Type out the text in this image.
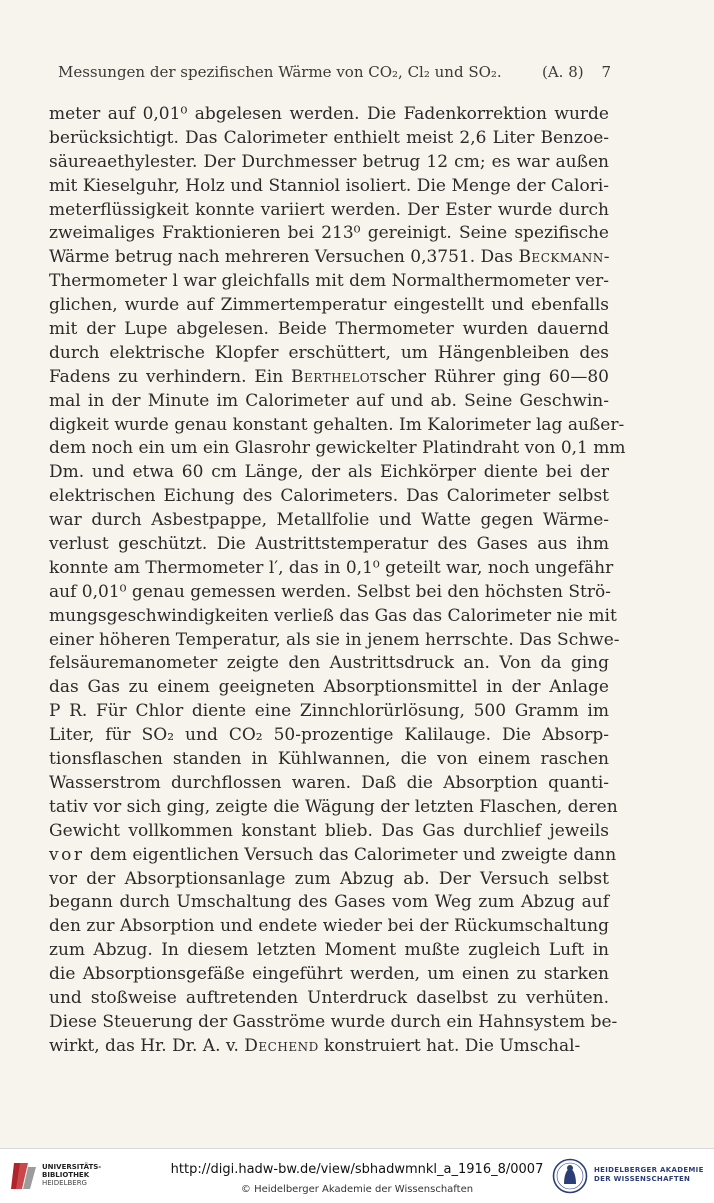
Messungen der spezifischen Wärme von CO₂, Cl₂ und SO₂.	(A. 8) 7
meter auf 0,01⁰ abgelesen werden. Die Fadenkorrektion wurde
berücksichtigt. Das Calorimeter enthielt meist 2,6 Liter Benzoe-
säureaethylester. Der Durchmesser betrug 12 cm; es war außen
mit Kieselguhr, Holz und Stanniol isoliert. Die Menge der Calori-
meterflüssigkeit konnte variiert werden. Der Ester wurde durch
zweimaliges Fraktionieren bei 213⁰ gereinigt. Seine spezifische
Wärme betrug nach mehreren Versuchen 0,3751. Das Beckmann-
Thermometer l war gleichfalls mit dem Normalthermometer ver-
glichen, wurde auf Zimmertemperatur eingestellt und ebenfalls
mit der Lupe abgelesen. Beide Thermometer wurden dauernd
durch elektrische Klopfer erschüttert, um Hängenbleiben des
Fadens zu verhindern. Ein Berthelotscher Rührer ging 60—80
mal in der Minute im Calorimeter auf und ab. Seine Geschwin-
digkeit wurde genau konstant gehalten. Im Kalorimeter lag außer-
dem noch ein um ein Glasrohr gewickelter Platindraht von 0,1 mm
Dm. und etwa 60 cm Länge, der als Eichkörper diente bei der
elektrischen Eichung des Calorimeters. Das Calorimeter selbst
war durch Asbestpappe, Metallfolie und Watte gegen Wärme-
verlust geschützt. Die Austrittstemperatur des Gases aus ihm
konnte am Thermometer l′, das in 0,1⁰ geteilt war, noch ungefähr
auf 0,01⁰ genau gemessen werden. Selbst bei den höchsten Strö-
mungsgeschwindigkeiten verließ das Gas das Calorimeter nie mit
einer höheren Temperatur, als sie in jenem herrschte. Das Schwe-
felsäuremanometer zeigte den Austrittsdruck an. Von da ging
das Gas zu einem geeigneten Absorptionsmittel in der Anlage
P R. Für Chlor diente eine Zinnchlorürlösung, 500 Gramm im
Liter, für SO₂ und CO₂ 50-prozentige Kalilauge. Die Absorp-
tionsflaschen standen in Kühlwannen, die von einem raschen
Wasserstrom durchflossen waren. Daß die Absorption quanti-
tativ vor sich ging, zeigte die Wägung der letzten Flaschen, deren
Gewicht vollkommen konstant blieb. Das Gas durchlief jeweils
vor dem eigentlichen Versuch das Calorimeter und zweigte dann
vor der Absorptionsanlage zum Abzug ab. Der Versuch selbst
begann durch Umschaltung des Gases vom Weg zum Abzug auf
den zur Absorption und endete wieder bei der Rückumschaltung
zum Abzug. In diesem letzten Moment mußte zugleich Luft in
die Absorptionsgefäße eingeführt werden, um einen zu starken
und stoßweise auftretenden Unterdruck daselbst zu verhüten.
Diese Steuerung der Gasströme wurde durch ein Hahnsystem be-
wirkt, das Hr. Dr. A. v. Dechend konstruiert hat. Die Umschal-
UNIVERSITÄTS-
BIBLIOTHEK
HEIDELBERG
http://digi.hadw-bw.de/view/sbhadwmnkl_a_1916_8/0007
© Heidelberger Akademie der Wissenschaften
HEIDELBERGER AKADEMIE
DER WISSENSCHAFTEN
